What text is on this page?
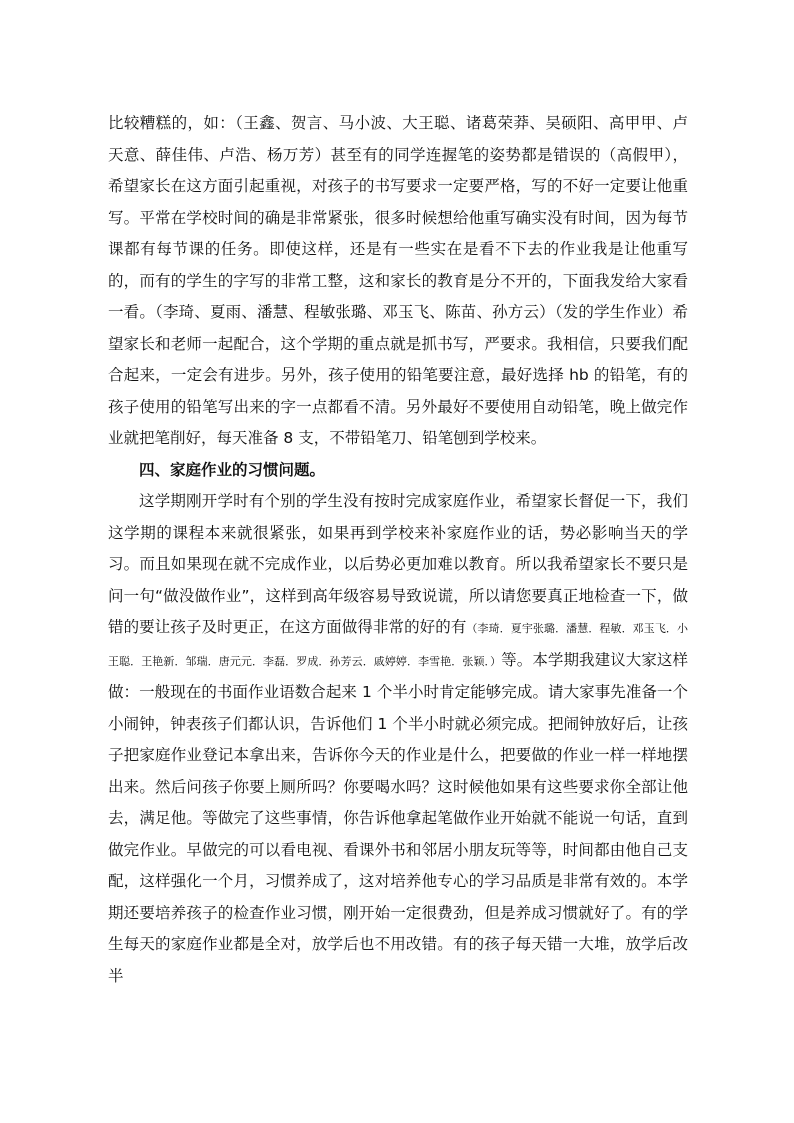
比较糟糕的，如：（王鑫、贺言、马小波、大王聪、诸葛荣莽、吴硕阳、高甲甲、卢天意、薛佳伟、卢浩、杨万芳）甚至有的同学连握笔的姿势都是错误的（高假甲），希望家长在这方面引起重视，对孩子的书写要求一定要严格，写的不好一定要让他重写。平常在学校时间的确是非常紧张，很多时候想给他重写确实没有时间，因为每节课都有每节课的任务。即使这样，还是有一些实在是看不下去的作业我是让他重写的，而有的学生的字写的非常工整，这和家长的教育是分不开的，下面我发给大家看一看。（李琦、夏雨、潘慧、程敏张璐、邓玉飞、陈苗、孙方云）（发的学生作业）希望家长和老师一起配合，这个学期的重点就是抓书写，严要求。我相信，只要我们配合起来，一定会有进步。另外，孩子使用的铅笔要注意，最好选择 hb 的铅笔，有的孩子使用的铅笔写出来的字一点都看不清。另外最好不要使用自动铅笔，晚上做完作业就把笔削好，每天准备 8 支，不带铅笔刀、铅笔刨到学校来。

四、家庭作业的习惯问题。

这学期刚开学时有个别的学生没有按时完成家庭作业，希望家长督促一下，我们这学期的课程本来就很紧张，如果再到学校来补家庭作业的话，势必影响当天的学习。而且如果现在就不完成作业，以后势必更加难以教育。所以我希望家长不要只是问一句“做没做作业”，这样到高年级容易导致说谎，所以请您要真正地检查一下，做错的要让孩子及时更正，在这方面做得非常的好的有（李琦．夏宇张璐．潘慧．程敏．邓玉飞．小王聪．王艳新．邹瑞．唐元元．李磊．罗成．孙芳云．戚婷婷．李雪艳．张颖．）等。本学期我建议大家这样做：一般现在的书面作业语数合起来 1 个半小时肯定能够完成。请大家事先准备一个小闹钟，钟表孩子们都认识，告诉他们 1 个半小时就必须完成。把闹钟放好后，让孩子把家庭作业登记本拿出来，告诉你今天的作业是什么，把要做的作业一样一样地摆出来。然后问孩子你要上厕所吗？你要喝水吗？这时候他如果有这些要求你全部让他去，满足他。等做完了这些事情，你告诉他拿起笔做作业开始就不能说一句话，直到做完作业。早做完的可以看电视、看课外书和邻居小朋友玩等等，时间都由他自己支配，这样强化一个月，习惯养成了，这对培养他专心的学习品质是非常有效的。本学期还要培养孩子的检查作业习惯，刚开始一定很费劲，但是养成习惯就好了。有的学生每天的家庭作业都是全对，放学后也不用改错。有的孩子每天错一大堆，放学后改半
